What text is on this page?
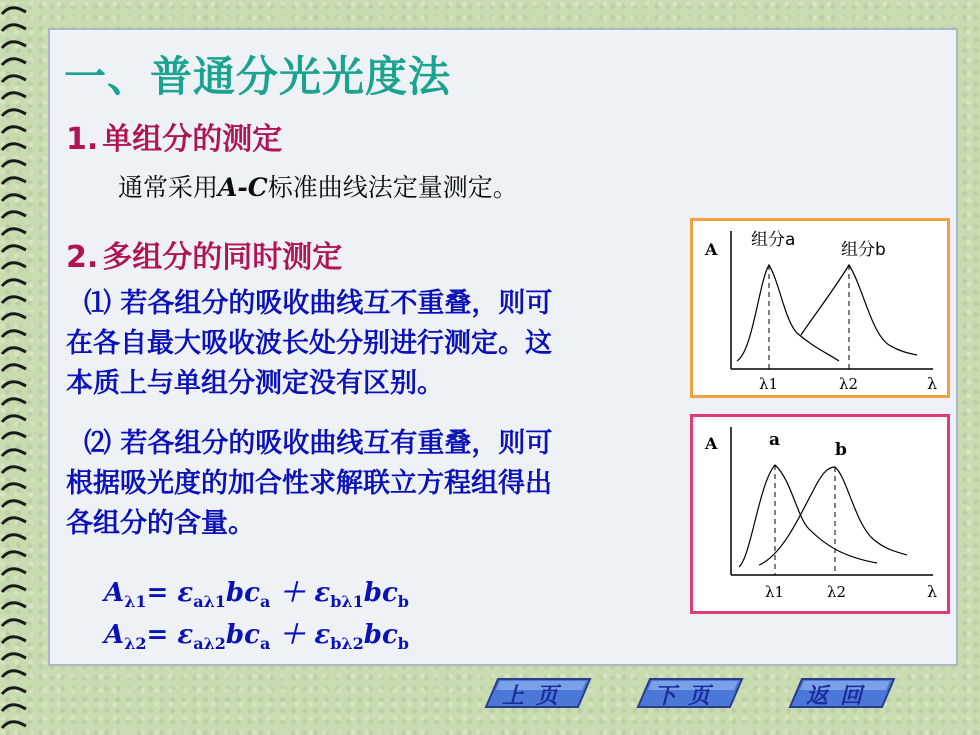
一、普通分光光度法
1. 单组分的测定
通常采用A-C标准曲线法定量测定。
2. 多组分的同时测定
⑴ 若各组分的吸收曲线互不重叠，则可
在各自最大吸收波长处分别进行测定。这
本质上与单组分测定没有区别。
⑵ 若各组分的吸收曲线互有重叠，则可
根据吸光度的加合性求解联立方程组得出
各组分的含量。
$A_{\lambda 1}= \varepsilon_{a\lambda 1}bc_a + \varepsilon_{b\lambda 1}bc_b$
$A_{\lambda 2}= \varepsilon_{a\lambda 2}bc_a + \varepsilon_{b\lambda 2}bc_b$
A 组分a	组分b
λ1	λ2	λ
A	a	b
λ1	λ2	λ
上页	下页	返回
